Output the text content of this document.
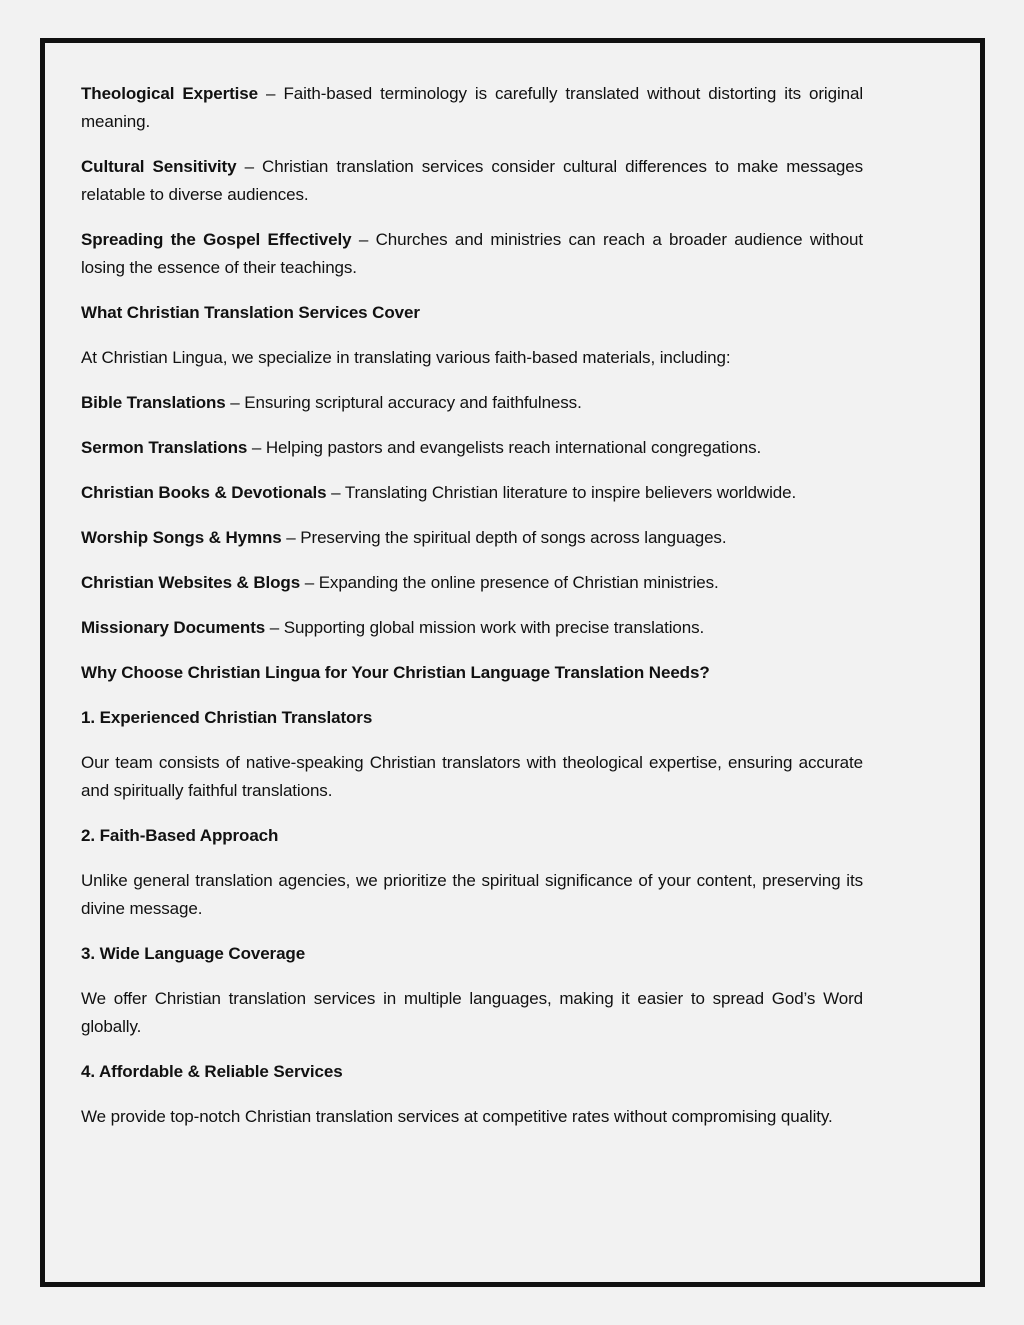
Theological Expertise – Faith-based terminology is carefully translated without distorting its original meaning.

Cultural Sensitivity – Christian translation services consider cultural differences to make messages relatable to diverse audiences.

Spreading the Gospel Effectively – Churches and ministries can reach a broader audience without losing the essence of their teachings.

What Christian Translation Services Cover

At Christian Lingua, we specialize in translating various faith-based materials, including:

Bible Translations – Ensuring scriptural accuracy and faithfulness.

Sermon Translations – Helping pastors and evangelists reach international congregations.

Christian Books & Devotionals – Translating Christian literature to inspire believers worldwide.

Worship Songs & Hymns – Preserving the spiritual depth of songs across languages.

Christian Websites & Blogs – Expanding the online presence of Christian ministries.

Missionary Documents – Supporting global mission work with precise translations.

Why Choose Christian Lingua for Your Christian Language Translation Needs?

1. Experienced Christian Translators

Our team consists of native-speaking Christian translators with theological expertise, ensuring accurate and spiritually faithful translations.

2. Faith-Based Approach

Unlike general translation agencies, we prioritize the spiritual significance of your content, preserving its divine message.

3. Wide Language Coverage

We offer Christian translation services in multiple languages, making it easier to spread God’s Word globally.

4. Affordable & Reliable Services

We provide top-notch Christian translation services at competitive rates without compromising quality.
